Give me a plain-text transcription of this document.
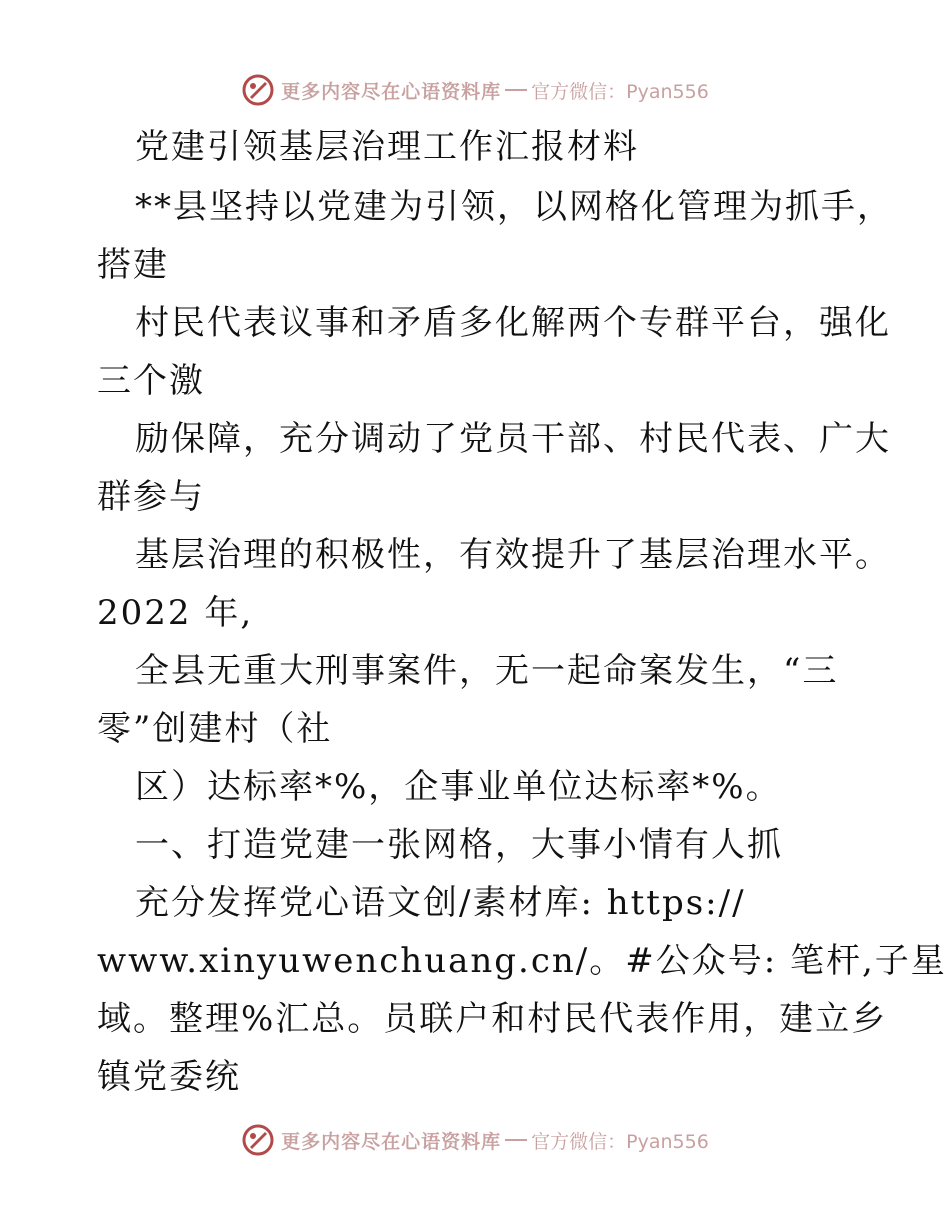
更多内容尽在心语资料库 官方微信：Pyan556
党建引领基层治理工作汇报材料
**县坚持以党建为引领，以网格化管理为抓手，
搭建
村民代表议事和矛盾多化解两个专群平台，强化
三个激
励保障，充分调动了党员干部、村民代表、广大
群参与
基层治理的积极性，有效提升了基层治理水平。
2022 年,
全县无重大刑事案件，无一起命案发生，“三
零”创建村（社
区）达标率*%，企事业单位达标率*%。
一、打造党建一张网格，大事小情有人抓
充分发挥党心语文创/素材库: https://
www.xinyuwenchuang.cn/。#公众号: 笔杆,子星
域。整理%汇总。员联户和村民代表作用，建立乡
镇党委统
更多内容尽在心语资料库 官方微信：Pyan556
